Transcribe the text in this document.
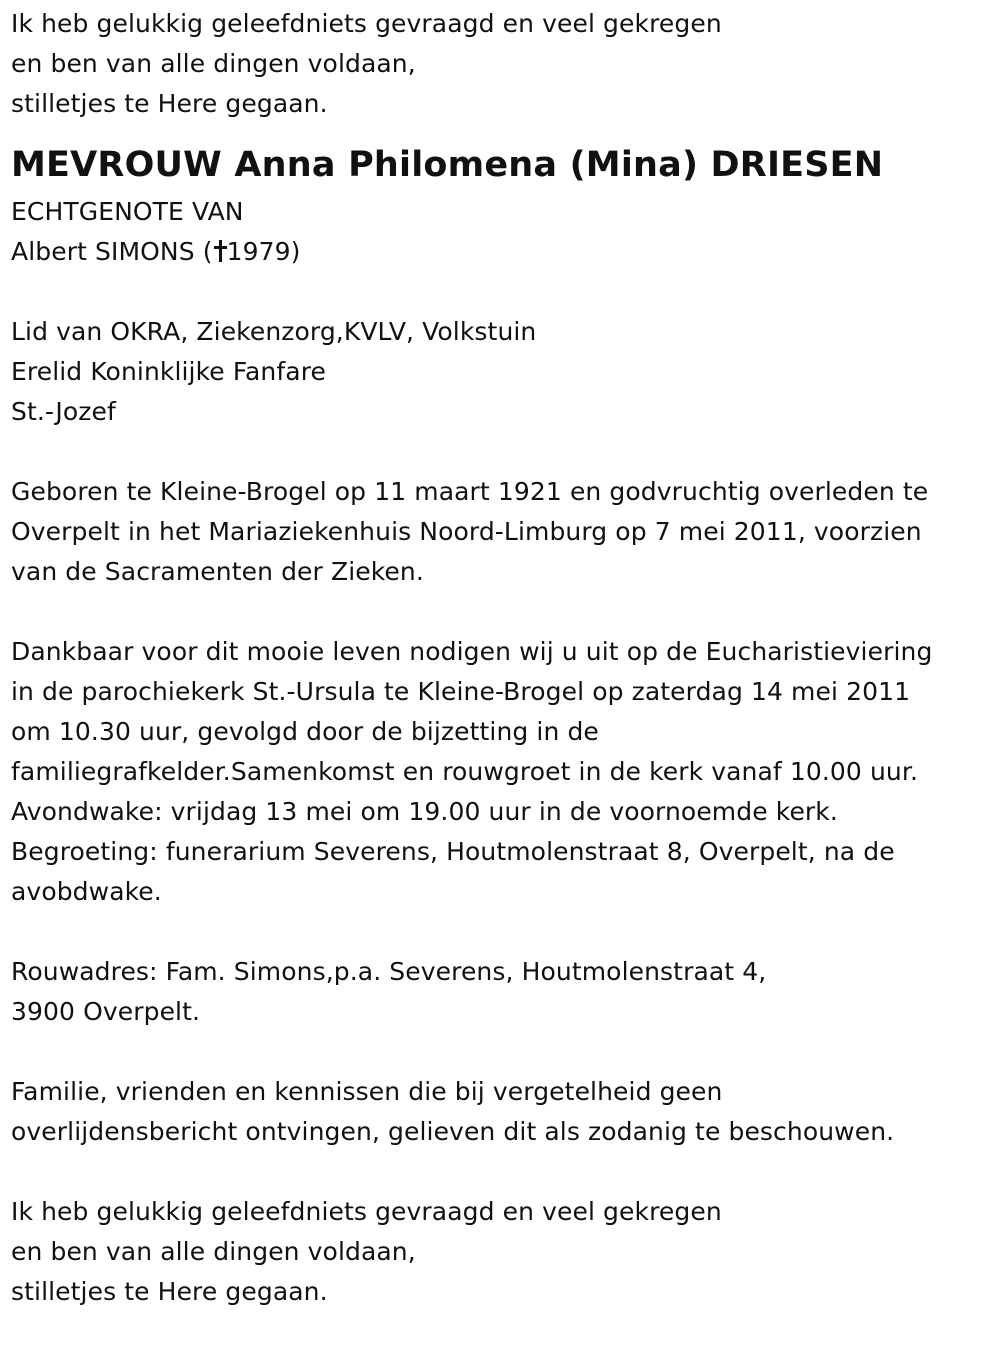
Ik heb gelukkig geleefdniets gevraagd en veel gekregen
en ben van alle dingen voldaan,
stilletjes te Here gegaan.
MEVROUW Anna Philomena (Mina) DRIESEN
ECHTGENOTE VAN
Albert SIMONS ( 1979)
Lid van OKRA, Ziekenzorg,KVLV, Volkstuin
Erelid Koninklijke Fanfare
St.-Jozef
Geboren te Kleine-Brogel op 11 maart 1921 en godvruchtig overleden te
Overpelt in het Mariaziekenhuis Noord-Limburg op 7 mei 2011, voorzien
van de Sacramenten der Zieken.
Dankbaar voor dit mooie leven nodigen wij u uit op de Eucharistieviering
in de parochiekerk St.-Ursula te Kleine-Brogel op zaterdag 14 mei 2011
om 10.30 uur, gevolgd door de bijzetting in de
familiegrafkelder.Samenkomst en rouwgroet in de kerk vanaf 10.00 uur.
Avondwake: vrijdag 13 mei om 19.00 uur in de voornoemde kerk.
Begroeting: funerarium Severens, Houtmolenstraat 8, Overpelt, na de
avobdwake.
Rouwadres: Fam. Simons,p.a. Severens, Houtmolenstraat 4,
3900 Overpelt.
Familie, vrienden en kennissen die bij vergetelheid geen
overlijdensbericht ontvingen, gelieven dit als zodanig te beschouwen.
Ik heb gelukkig geleefdniets gevraagd en veel gekregen
en ben van alle dingen voldaan,
stilletjes te Here gegaan.
